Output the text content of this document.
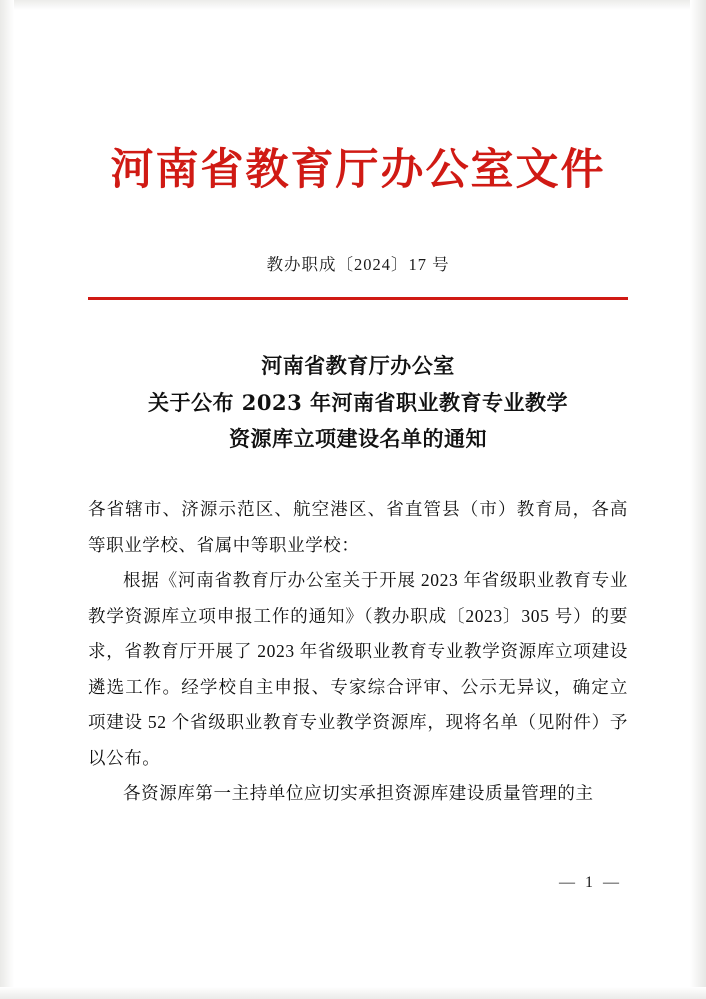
河南省教育厅办公室文件
教办职成〔2024〕17 号
河南省教育厅办公室
关于公布 2023 年河南省职业教育专业教学
资源库立项建设名单的通知

各省辖市、济源示范区、航空港区、省直管县（市）教育局，各高等职业学校、省属中等职业学校：

根据《河南省教育厅办公室关于开展 2023 年省级职业教育专业教学资源库立项申报工作的通知》（教办职成〔2023〕305 号）的要求，省教育厅开展了 2023 年省级职业教育专业教学资源库立项建设遴选工作。经学校自主申报、专家综合评审、公示无异议，确定立项建设 52 个省级职业教育专业教学资源库，现将名单（见附件）予以公布。

各资源库第一主持单位应切实承担资源库建设质量管理的主

— 1 —
